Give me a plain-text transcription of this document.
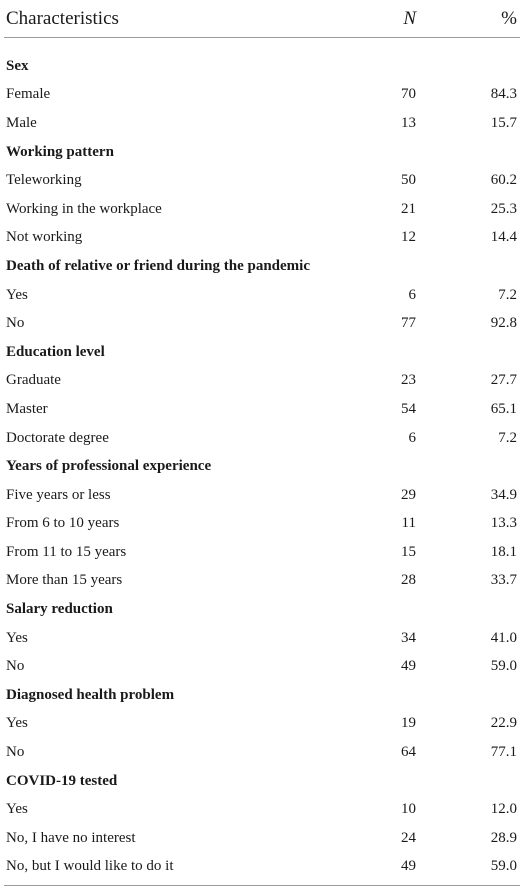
Characteristics	N	%

Sex		
Female	70	84.3
Male	13	15.7
Working pattern		
Teleworking	50	60.2
Working in the workplace	21	25.3
Not working	12	14.4
Death of relative or friend during the pandemic		
Yes	6	7.2
No	77	92.8
Education level		
Graduate	23	27.7
Master	54	65.1
Doctorate degree	6	7.2
Years of professional experience		
Five years or less	29	34.9
From 6 to 10 years	11	13.3
From 11 to 15 years	15	18.1
More than 15 years	28	33.7
Salary reduction		
Yes	34	41.0
No	49	59.0
Diagnosed health problem		
Yes	19	22.9
No	64	77.1
COVID-19 tested		
Yes	10	12.0
No, I have no interest	24	28.9
No, but I would like to do it	49	59.0
